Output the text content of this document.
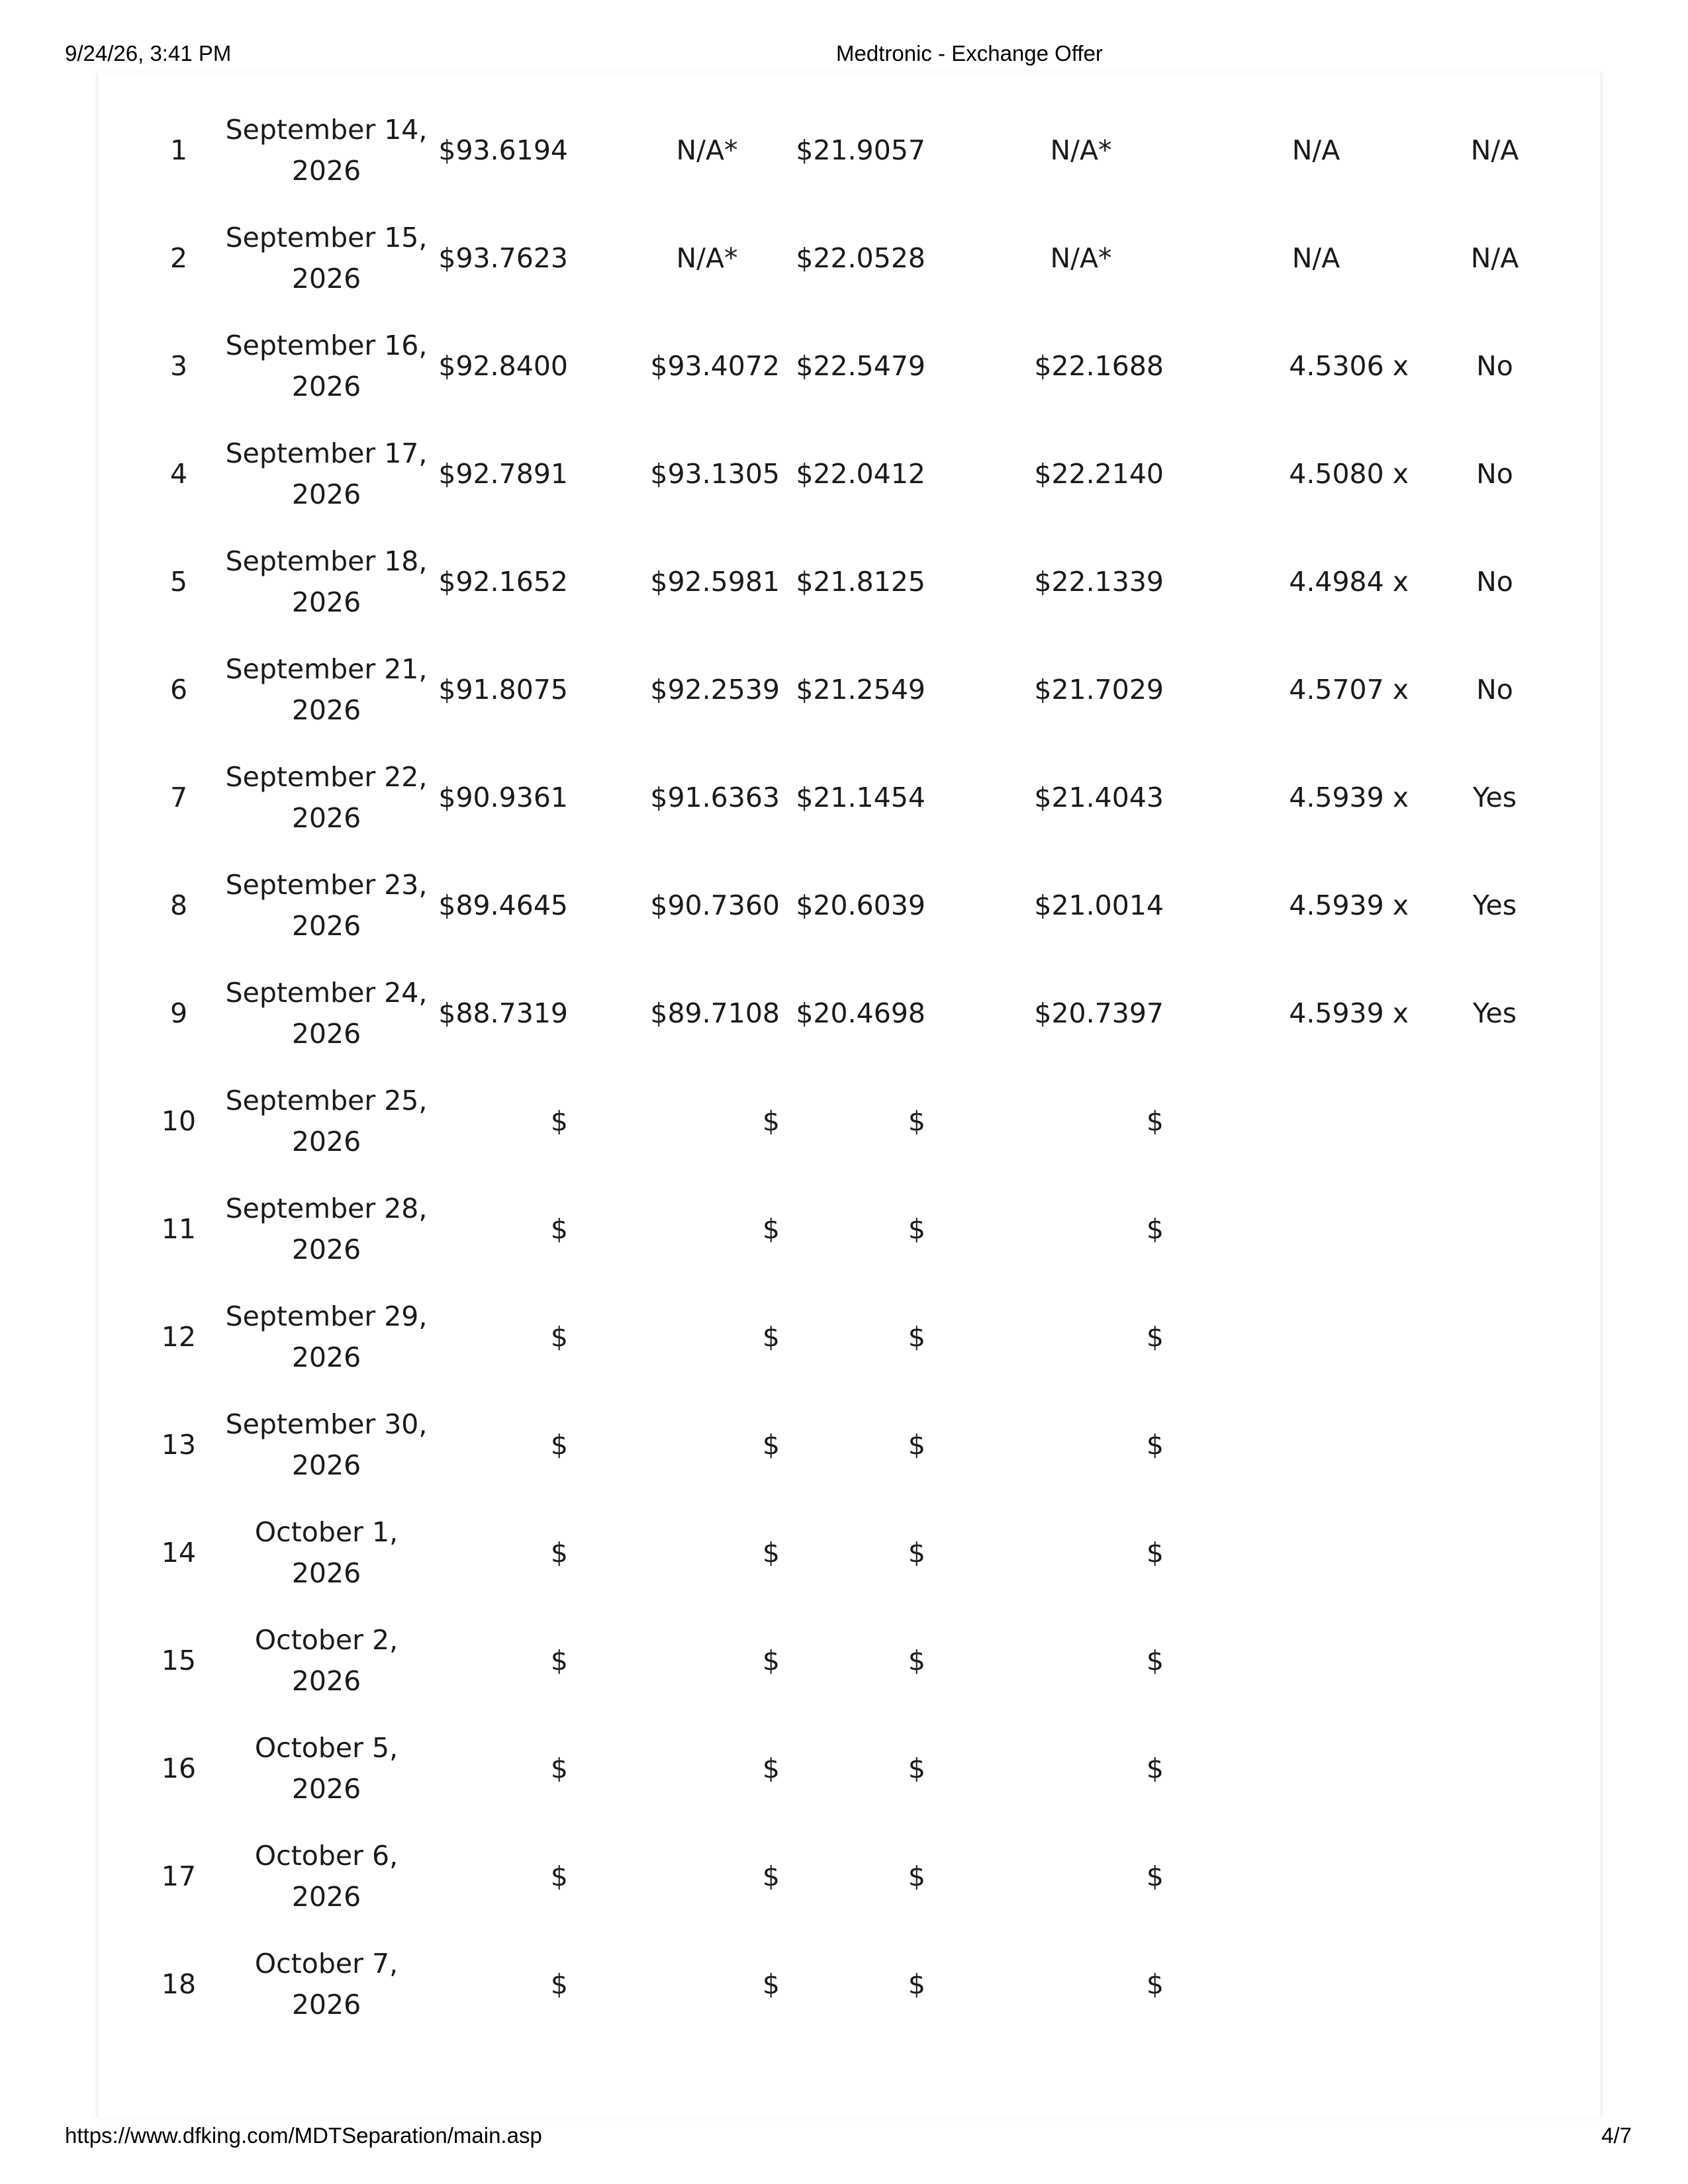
9/24/26, 3:41 PM	Medtronic - Exchange Offer
1
September 14,
2026
$93.6194	N/A* $21.9057	N/A*	N/A	N/A
2
September 15,
2026
$93.7623	N/A* $22.0528	N/A*	N/A	N/A
3
September 16,
2026
$92.8400	$93.4072 $22.5479	$22.1688	4.5306 x No
4
September 17,
2026
$92.7891	$93.1305 $22.0412	$22.2140	4.5080 x No
5
September 18,
2026
$92.1652	$92.5981 $21.8125	$22.1339	4.4984 x No
6
September 21,
2026
$91.8075	$92.2539 $21.2549	$21.7029	4.5707 x No
7
September 22,
2026
$90.9361	$91.6363 $21.1454	$21.4043	4.5939 x Yes
8
September 23,
2026
$89.4645	$90.7360 $20.6039	$21.0014	4.5939 x Yes
9
September 24,
2026
$88.7319	$89.7108 $20.4698	$20.7397	4.5939 x Yes
10
September 25,
2026
$	$	$	$
11
September 28,
2026
$	$	$	$
12
September 29,
2026
$	$	$	$
13
September 30,
2026
$	$	$	$
14
October 1,
2026
$	$	$	$
15
October 2,
2026
$	$	$	$
16
October 5,
2026
$	$	$	$
17
October 6,
2026
$	$	$	$
18
October 7,
2026
$	$	$	$
https://www.dfking.com/MDTSeparation/main.asp	4/7
